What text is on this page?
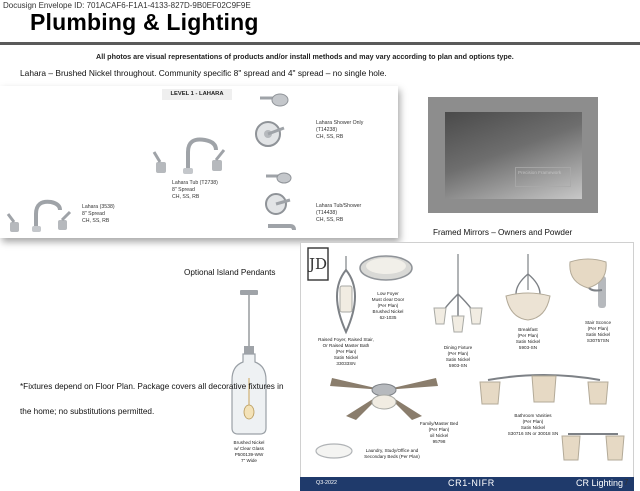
Docusign Envelope ID: 701ACAF6-F1A1-4133-827D-9B0EF02C9F9E
Plumbing & Lighting
All photos are visual representations of products and/or install methods and may vary according to plan and options type.
Lahara – Brushed Nickel throughout. Community specific 8" spread and 4" spread – no single hole.
LEVEL 1 - LAHARA
Lahara (3538)
8" Spread
CH, SS, RB
Lahara Tub (T2738)
8" Spread
CH, SS, RB
Lahara Shower Only
(T14238)
CH, SS, RB
Lahara Tub/Shower
(T14438)
CH, SS, RB
Precision Framework
Framed Mirrors – Owners and Powder
Optional Island Pendants
Brushed Nickel
w/ Clear Glass
P500139-WW
7" Wide
*Fixtures depend on Floor Plan. Package covers all decorative fixtures in the home; no substitutions permitted.
JD
Low Foyer
Must clear Door
(Per Plan)
Brushed Nickel
62-1035
Raised Foyer, Raised Stair,
Or Raised Master Bath
(Per Plan)
Satin Nickel
33033SN
Dining Fixture
(Per Plan)
Satin Nickel
5903-SN
Breakfast
(Per Plan)
Satin Nickel
5903-SN
Stair Sconce
(Per Plan)
Satin Nickel
S30757SN
Family/Master Bed
(Per Plan)
oil Nickel
95798
Bathroom Vanities
(Per Plan)
Satin Nickel
S30716 SN or 30018 SN
Laundry, Study/Office and
Secondary Beds (Per Plan)
Q3-2022	CR1-NIFR	CR Lighting 7
